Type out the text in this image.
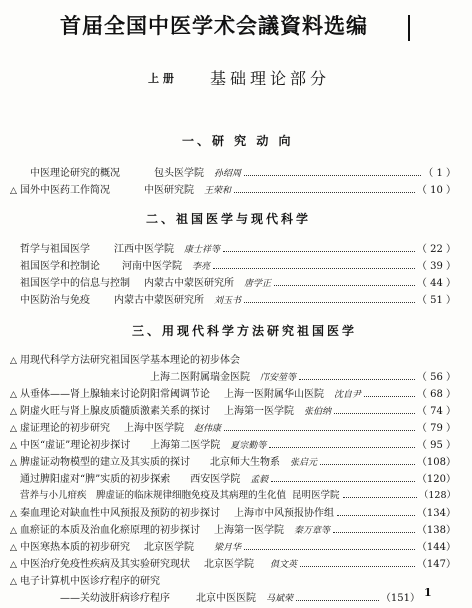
首届全国中医学术会議資料选编
上 册 基础理论部分
一、研 究 动 向
中医理论研究的概况	包头医学院 孙绍周	（ 1 ）
△ 国外中医药工作简况	中医研究院 王荣和	（ 10 ）
二、祖国医学与现代科学
哲学与祖国医学 江西中医学院 康士祥等	（ 22 ）
祖国医学和控制论 河南中医学院 李亮	（ 39 ）
祖国医学中的信息与控制 内蒙古中蒙医研究所 唐学正	（ 44 ）
中医防治与免疫 内蒙古中蒙医研究所 刘玉书	（ 51 ）
三、用现代科学方法研究祖国医学
△ 用现代科学方法研究祖国医学基本理论的初步体会
上海二医附属瑞金医院 邝安堃等	（ 56 ）
△ 从垂体——肾上腺轴来讨论阴阳常阈调节论 上海一医附属华山医院 沈自尹	（ 68 ）
△ 阴虚火旺与肾上腺皮质髓质激素关系的探讨 上海第一医学院 张伯纳	（ 74 ）
△ 虚证理论的初步研究 上海中医学院 赵伟康	（ 79 ）
△ 中医“虚证”理论初步探讨 上海第二医学院 夏宗勤等	（ 95 ）
△ 脾虚证动物模型的建立及其实质的探讨 北京师大生物系 张启元	（108）
通过脾阳虚对“脾”实质的初步探索 西安医学院 孟毅	（120）
营养与小儿疳疾　脾虚证的临床规律细胞免疫及其病理的生化值 昆明医学院	（128）
△ 秦血理论对缺血性中风预报及预防的初步探讨 上海市中风预报协作组	（134）
△ 血瘀证的本质及治血化瘀原理的初步探讨 上海第一医学院 秦万章等	（138）
△ 中医寒热本质的初步研究 北京医学院 梁月华	（144）
△ 中医治疗免疫性疾病及其实验研究现状 北京医学院 俱文英	（147）
△ 电子计算机中医诊疗程序的研究
——关幼波肝病诊疗程序	北京中医医院 马斌荣	（151） 1
